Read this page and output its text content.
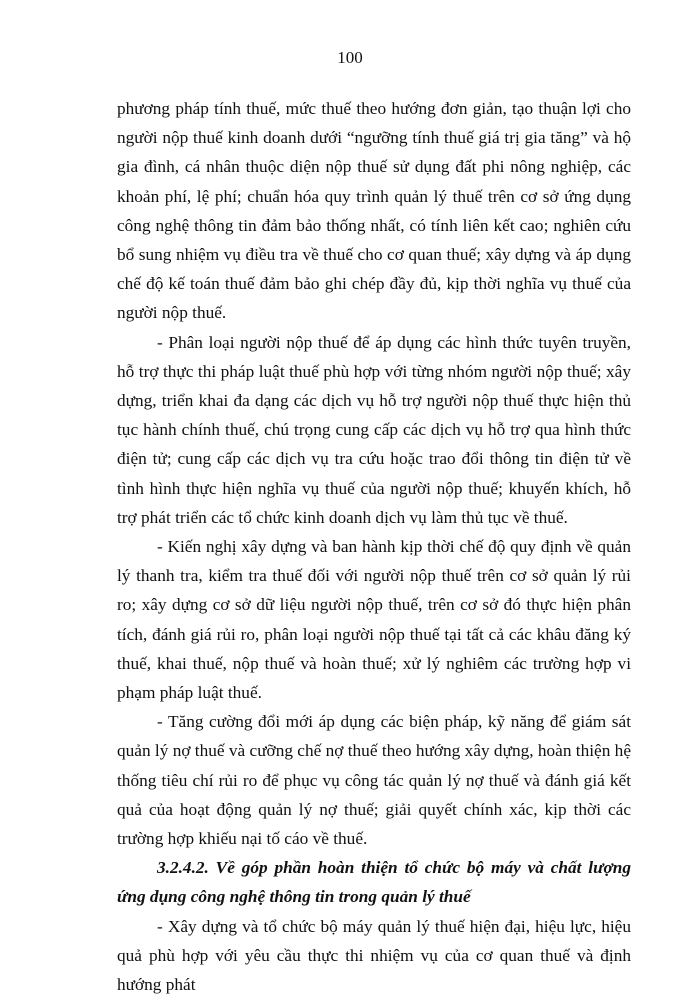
100

phương pháp tính thuế, mức thuế theo hướng đơn giản, tạo thuận lợi cho người nộp thuế kinh doanh dưới “ngưỡng tính thuế giá trị gia tăng” và hộ gia đình, cá nhân thuộc diện nộp thuế sử dụng đất phi nông nghiệp, các khoản phí, lệ phí; chuẩn hóa quy trình quản lý thuế trên cơ sở ứng dụng công nghệ thông tin đảm bảo thống nhất, có tính liên kết cao; nghiên cứu bổ sung nhiệm vụ điều tra về thuế cho cơ quan thuế; xây dựng và áp dụng chế độ kế toán thuế đảm bảo ghi chép đầy đủ, kịp thời nghĩa vụ thuế của người nộp thuế.

- Phân loại người nộp thuế để áp dụng các hình thức tuyên truyền, hỗ trợ thực thi pháp luật thuế phù hợp với từng nhóm người nộp thuế; xây dựng, triển khai đa dạng các dịch vụ hỗ trợ người nộp thuế thực hiện thủ tục hành chính thuế, chú trọng cung cấp các dịch vụ hỗ trợ qua hình thức điện tử; cung cấp các dịch vụ tra cứu hoặc trao đổi thông tin điện tử về tình hình thực hiện nghĩa vụ thuế của người nộp thuế; khuyến khích, hỗ trợ phát triển các tổ chức kinh doanh dịch vụ làm thủ tục về thuế.

- Kiến nghị xây dựng và ban hành kịp thời chế độ quy định về quản lý thanh tra, kiểm tra thuế đối với người nộp thuế trên cơ sở quản lý rủi ro; xây dựng cơ sở dữ liệu người nộp thuế, trên cơ sở đó thực hiện phân tích, đánh giá rủi ro, phân loại người nộp thuế tại tất cả các khâu đăng ký thuế, khai thuế, nộp thuế và hoàn thuế; xử lý nghiêm các trường hợp vi phạm pháp luật thuế.

- Tăng cường đổi mới áp dụng các biện pháp, kỹ năng để giám sát quản lý nợ thuế và cưỡng chế nợ thuế theo hướng xây dựng, hoàn thiện hệ thống tiêu chí rủi ro để phục vụ công tác quản lý nợ thuế và đánh giá kết quả của hoạt động quản lý nợ thuế; giải quyết chính xác, kịp thời các trường hợp khiếu nại tố cáo về thuế.

3.2.4.2. Về góp phần hoàn thiện tổ chức bộ máy và chất lượng ứng dụng công nghệ thông tin trong quản lý thuế

- Xây dựng và tổ chức bộ máy quản lý thuế hiện đại, hiệu lực, hiệu quả phù hợp với yêu cầu thực thi nhiệm vụ của cơ quan thuế và định hướng phát
